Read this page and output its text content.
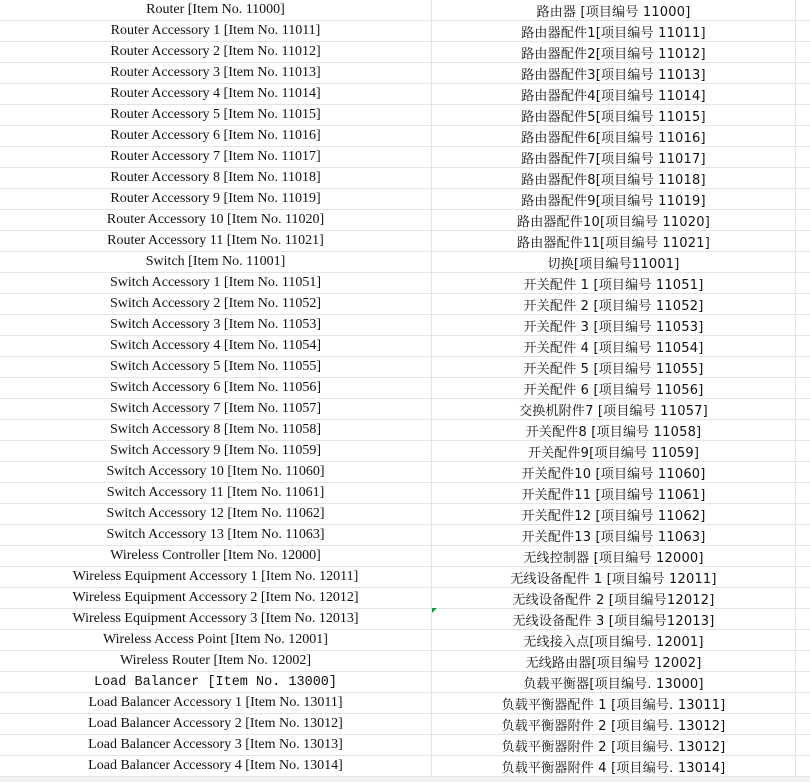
Router [Item No. 11000]	路由器 [项目编号 11000]
Router Accessory 1 [Item No. 11011]	路由器配件1[项目编号 11011]
Router Accessory 2 [Item No. 11012]	路由器配件2[项目编号 11012]
Router Accessory 3 [Item No. 11013]	路由器配件3[项目编号 11013]
Router Accessory 4 [Item No. 11014]	路由器配件4[项目编号 11014]
Router Accessory 5 [Item No. 11015]	路由器配件5[项目编号 11015]
Router Accessory 6 [Item No. 11016]	路由器配件6[项目编号 11016]
Router Accessory 7 [Item No. 11017]	路由器配件7[项目编号 11017]
Router Accessory 8 [Item No. 11018]	路由器配件8[项目编号 11018]
Router Accessory 9 [Item No. 11019]	路由器配件9[项目编号 11019]
Router Accessory 10 [Item No. 11020]	路由器配件10[项目编号 11020]
Router Accessory 11 [Item No. 11021]	路由器配件11[项目编号 11021]
Switch [Item No. 11001]	切换[项目编号11001]
Switch Accessory 1 [Item No. 11051]	开关配件 1 [项目编号 11051]
Switch Accessory 2 [Item No. 11052]	开关配件 2 [项目编号 11052]
Switch Accessory 3 [Item No. 11053]	开关配件 3 [项目编号 11053]
Switch Accessory 4 [Item No. 11054]	开关配件 4 [项目编号 11054]
Switch Accessory 5 [Item No. 11055]	开关配件 5 [项目编号 11055]
Switch Accessory 6 [Item No. 11056]	开关配件 6 [项目编号 11056]
Switch Accessory 7 [Item No. 11057]	交换机附件7 [项目编号 11057]
Switch Accessory 8 [Item No. 11058]	开关配件8 [项目编号 11058]
Switch Accessory 9 [Item No. 11059]	开关配件9[项目编号 11059]
Switch Accessory 10 [Item No. 11060]	开关配件10 [项目编号 11060]
Switch Accessory 11 [Item No. 11061]	开关配件11 [项目编号 11061]
Switch Accessory 12 [Item No. 11062]	开关配件12 [项目编号 11062]
Switch Accessory 13 [Item No. 11063]	开关配件13 [项目编号 11063]
Wireless Controller [Item No. 12000]	无线控制器 [项目编号 12000]
Wireless Equipment Accessory 1 [Item No. 12011]	无线设备配件 1 [项目编号 12011]
Wireless Equipment Accessory 2 [Item No. 12012]	无线设备配件 2 [项目编号12012]
Wireless Equipment Accessory 3 [Item No. 12013]	无线设备配件 3 [项目编号12013]
Wireless Access Point [Item No. 12001]	无线接入点[项目编号. 12001]
Wireless Router [Item No. 12002]	无线路由器[项目编号 12002]
Load Balancer [Item No. 13000]	负载平衡器[项目编号. 13000]
Load Balancer Accessory 1 [Item No. 13011]	负载平衡器配件 1 [项目编号. 13011]
Load Balancer Accessory 2 [Item No. 13012]	负载平衡器附件 2 [项目编号. 13012]
Load Balancer Accessory 3 [Item No. 13013]	负载平衡器附件 2 [项目编号. 13012]
Load Balancer Accessory 4 [Item No. 13014]	负载平衡器附件 4 [项目编号. 13014]
